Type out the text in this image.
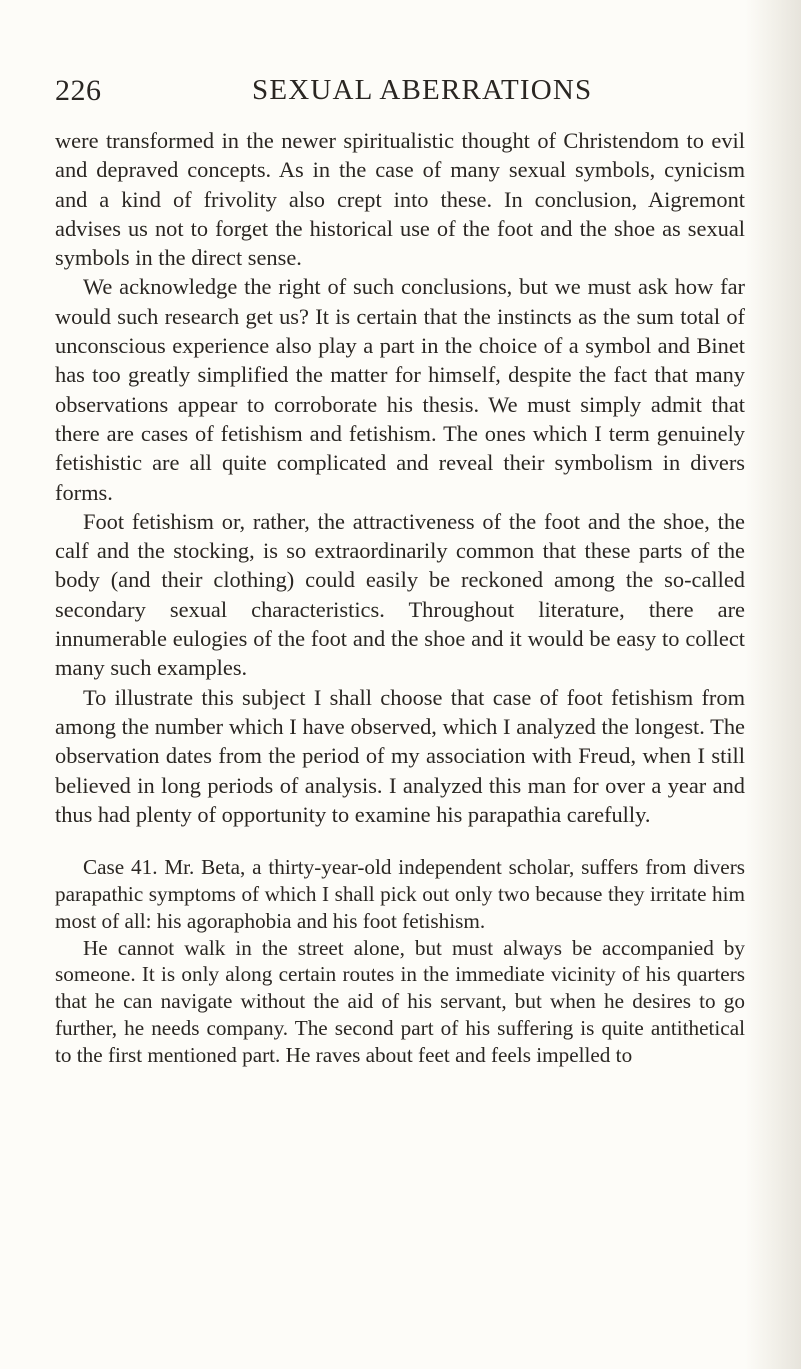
226	SEXUAL ABERRATIONS

were transformed in the newer spiritualistic thought of Christendom to evil and depraved concepts. As in the case of many sexual symbols, cynicism and a kind of frivolity also crept into these. In conclusion, Aigremont advises us not to forget the historical use of the foot and the shoe as sexual symbols in the direct sense.

We acknowledge the right of such conclusions, but we must ask how far would such research get us? It is certain that the instincts as the sum total of unconscious experience also play a part in the choice of a symbol and Binet has too greatly simplified the matter for himself, despite the fact that many observations appear to corroborate his thesis. We must simply admit that there are cases of fetishism and fetishism. The ones which I term genuinely fetishistic are all quite complicated and reveal their symbolism in divers forms.

Foot fetishism or, rather, the attractiveness of the foot and the shoe, the calf and the stocking, is so extraordinarily common that these parts of the body (and their clothing) could easily be reckoned among the so-called secondary sexual characteristics. Throughout literature, there are innumerable eulogies of the foot and the shoe and it would be easy to collect many such examples.

To illustrate this subject I shall choose that case of foot fetishism from among the number which I have observed, which I analyzed the longest. The observation dates from the period of my association with Freud, when I still believed in long periods of analysis. I analyzed this man for over a year and thus had plenty of opportunity to examine his parapathia carefully.

Case 41. Mr. Beta, a thirty-year-old independent scholar, suffers from divers parapathic symptoms of which I shall pick out only two because they irritate him most of all: his agoraphobia and his foot fetishism.

He cannot walk in the street alone, but must always be accompanied by someone. It is only along certain routes in the immediate vicinity of his quarters that he can navigate without the aid of his servant, but when he desires to go further, he needs company. The second part of his suffering is quite antithetical to the first mentioned part. He raves about feet and feels impelled to
